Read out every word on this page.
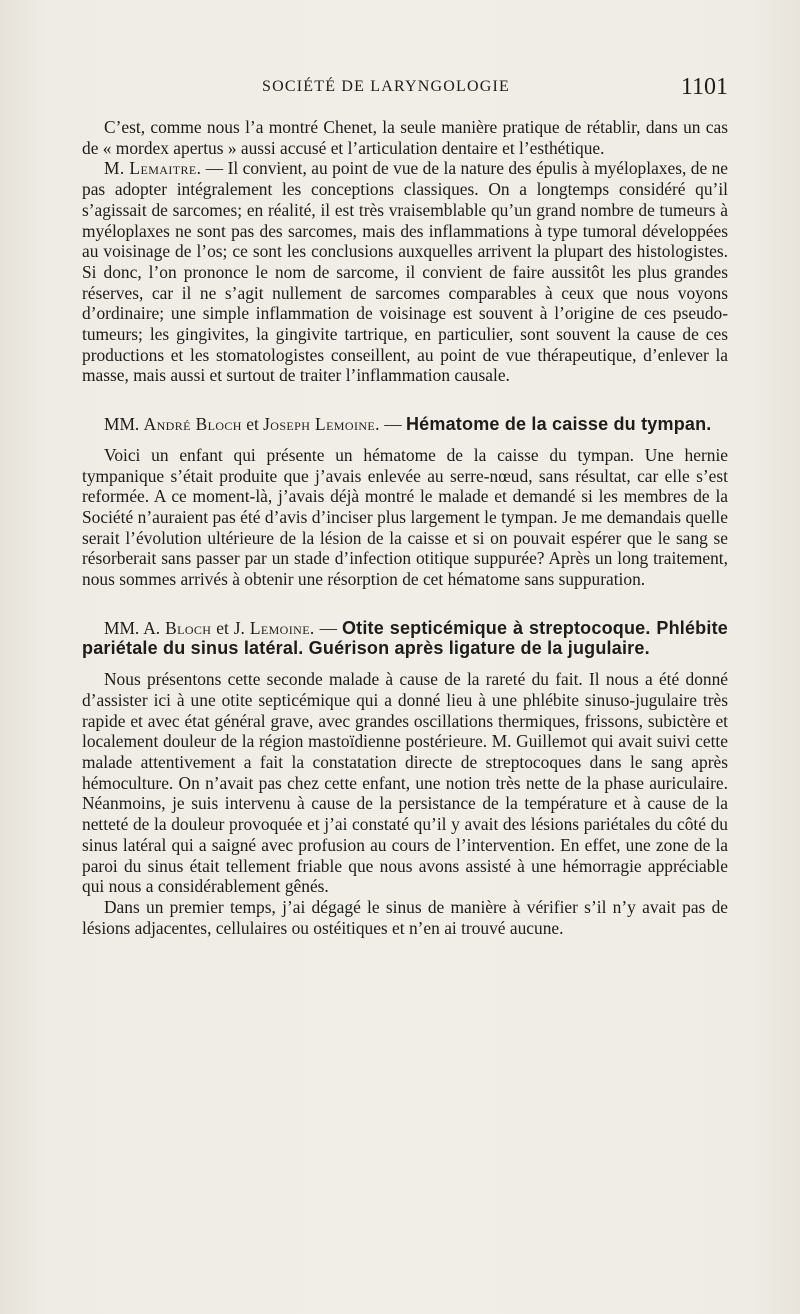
SOCIÉTÉ DE LARYNGOLOGIE	1101

C’est, comme nous l’a montré Chenet, la seule manière pratique de rétablir, dans un cas de « mordex apertus » aussi accusé et l’articulation dentaire et l’esthétique.

M. Lemaitre. — Il convient, au point de vue de la nature des épulis à myéloplaxes, de ne pas adopter intégralement les conceptions classiques. On a longtemps considéré qu’il s’agissait de sarcomes; en réalité, il est très vraisemblable qu’un grand nombre de tumeurs à myéloplaxes ne sont pas des sarcomes, mais des inflammations à type tumoral développées au voisinage de l’os; ce sont les conclusions auxquelles arrivent la plupart des histologistes. Si donc, l’on prononce le nom de sarcome, il convient de faire aussitôt les plus grandes réserves, car il ne s’agit nullement de sarcomes comparables à ceux que nous voyons d’ordinaire; une simple inflammation de voisinage est souvent à l’origine de ces pseudo-tumeurs; les gingivites, la gingivite tartrique, en particulier, sont souvent la cause de ces productions et les stomatologistes conseillent, au point de vue thérapeutique, d’enlever la masse, mais aussi et surtout de traiter l’inflammation causale.

MM. André Bloch et Joseph Lemoine. — Hématome de la caisse du tympan.

Voici un enfant qui présente un hématome de la caisse du tympan. Une hernie tympanique s’était produite que j’avais enlevée au serre-nœud, sans résultat, car elle s’est reformée. A ce moment-là, j’avais déjà montré le malade et demandé si les membres de la Société n’auraient pas été d’avis d’inciser plus largement le tympan. Je me demandais quelle serait l’évolution ultérieure de la lésion de la caisse et si on pouvait espérer que le sang se résorberait sans passer par un stade d’infection otitique suppurée? Après un long traitement, nous sommes arrivés à obtenir une résorption de cet hématome sans suppuration.

MM. A. Bloch et J. Lemoine. — Otite septicémique à streptocoque. Phlébite pariétale du sinus latéral. Guérison après ligature de la jugulaire.

Nous présentons cette seconde malade à cause de la rareté du fait. Il nous a été donné d’assister ici à une otite septicémique qui a donné lieu à une phlébite sinuso-jugulaire très rapide et avec état général grave, avec grandes oscillations thermiques, frissons, subictère et localement douleur de la région mastoïdienne postérieure. M. Guillemot qui avait suivi cette malade attentivement a fait la constatation directe de streptocoques dans le sang après hémoculture. On n’avait pas chez cette enfant, une notion très nette de la phase auriculaire. Néanmoins, je suis intervenu à cause de la persistance de la température et à cause de la netteté de la douleur provoquée et j’ai constaté qu’il y avait des lésions pariétales du côté du sinus latéral qui a saigné avec profusion au cours de l’intervention. En effet, une zone de la paroi du sinus était tellement friable que nous avons assisté à une hémorragie appréciable qui nous a considérablement gênés.

Dans un premier temps, j’ai dégagé le sinus de manière à vérifier s’il n’y avait pas de lésions adjacentes, cellulaires ou ostéitiques et n’en ai trouvé aucune.
